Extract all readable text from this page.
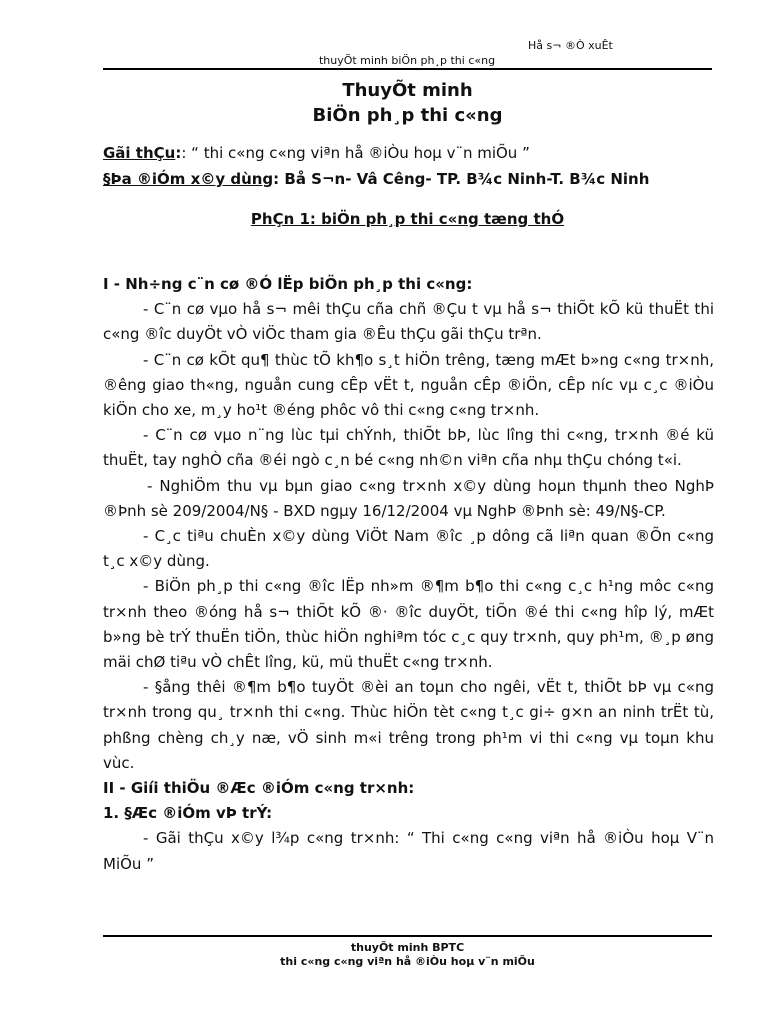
Hå s¬ ®Ò xuÊt
thuyÕt minh biÖn ph¸p thi c«ng
ThuyÕt minh
BiÖn ph¸p thi c«ng
Gãi thÇu:: “ thi c«ng c«ng viªn hå ®iÒu hoµ v¨n miÕu ”
§Þa ®iÓm x©y dùng: Bå S¬n- Vâ Cêng- TP. B¾c Ninh-T. B¾c Ninh
PhÇn 1: biÖn ph¸p thi c«ng tæng thÓ

I - Nh÷ng c¨n cø ®Ó lËp biÖn ph¸p thi c«ng:

- C¨n cø vµo hå s¬ mêi thÇu cña chñ ®Çu t vµ hå s¬ thiÕt kÕ kü thuËt thi c«ng ®îc duyÖt vÒ viÖc tham gia ®Êu thÇu gãi thÇu trªn.

- C¨n cø kÕt qu¶ thùc tÕ kh¶o s¸t hiÖn trêng, tæng mÆt b»ng c«ng tr×nh, ®êng giao th«ng, nguån cung cÊp vËt t, nguån cÊp ®iÖn, cÊp níc vµ c¸c ®iÒu kiÖn cho xe, m¸y ho¹t ®éng phôc vô thi c«ng c«ng tr×nh.

- C¨n cø vµo n¨ng lùc tµi chÝnh, thiÕt bÞ, lùc lîng thi c«ng, tr×nh ®é kü thuËt, tay nghÒ cña ®éi ngò c¸n bé c«ng nh©n viªn cña nhµ thÇu chóng t«i.

- NghiÖm thu vµ bµn giao c«ng tr×nh x©y dùng hoµn thµnh theo NghÞ ®Þnh sè 209/2004/N§ - BXD ngµy 16/12/2004 vµ NghÞ ®Þnh sè: 49/N§-CP.

- C¸c tiªu chuÈn x©y dùng ViÖt Nam ®îc ¸p dông cã liªn quan ®Õn c«ng t¸c x©y dùng.

- BiÖn ph¸p thi c«ng ®îc lËp nh»m ®¶m b¶o thi c«ng c¸c h¹ng môc c«ng tr×nh theo ®óng hå s¬ thiÕt kÕ ®· ®îc duyÖt, tiÕn ®é thi c«ng hîp lý, mÆt b»ng bè trÝ thuËn tiÖn, thùc hiÖn nghiªm tóc c¸c quy tr×nh, quy ph¹m, ®¸p øng mäi chØ tiªu vÒ chÊt lîng, kü, mü thuËt c«ng tr×nh.

- §ång thêi ®¶m b¶o tuyÖt ®èi an toµn cho ngêi, vËt t, thiÕt bÞ vµ c«ng tr×nh trong qu¸ tr×nh thi c«ng. Thùc hiÖn tèt c«ng t¸c gi÷ g×n an ninh trËt tù, phßng chèng ch¸y næ, vÖ sinh m«i trêng trong ph¹m vi thi c«ng vµ toµn khu vùc.

II - Giíi thiÖu ®Æc ®iÓm c«ng tr×nh:

1. §Æc ®iÓm vÞ trÝ:

- Gãi thÇu x©y l¾p c«ng tr×nh: “ Thi c«ng c«ng viªn hå ®iÒu hoµ V¨n MiÕu ”

thuyÕt minh BPTC
thi c«ng c«ng viªn hå ®iÒu hoµ v¨n miÕu
